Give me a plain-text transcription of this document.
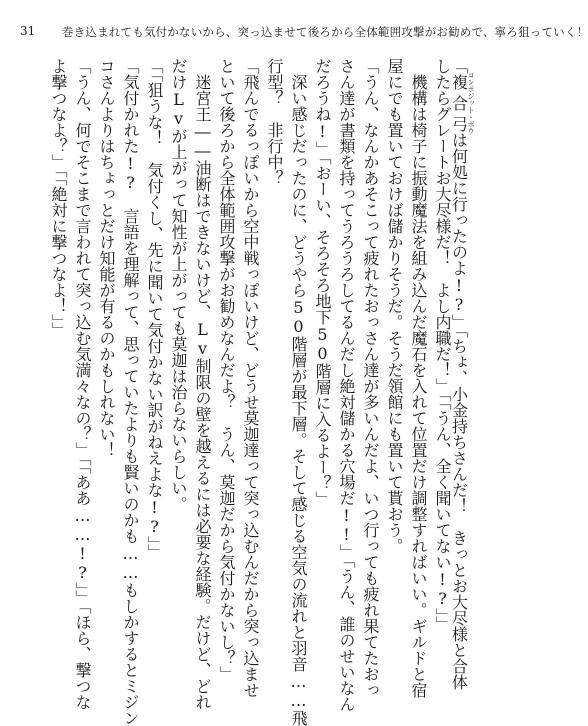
31 巻き込まれても気付かないから、突っ込ませて後ろから全体範囲攻撃がお勧めで、寧ろ狙っていく！
「複合弓コンポジット・ボウは何処に行ったのよ!?」「ちょ、小金持ちさんだ！　きっとお大尽様と合体
したらグレートお大尽様だ！　よし内職だ！」「「うん、全く聞いてない!?」」
　機構は椅子に振動魔法を組み込んだ魔石を入れて位置だけ調整すればいい。ギルドと宿
屋にでも置いておけば儲かりそうだ。そうだ領館にも置いて貰おう。
「うん、なんかあそこって疲れたおっさん達が多いんだよ、いつ行っても疲れ果てたおっ
さん達が書類を持ってうろうろしてるんだし絶対儲かる穴場だ!!」「うん、誰のせいなん
だろうね!」「おーい、そろそろ地下50階層に入るよー？」
　深い感じだったのに、どうやら50階層が最下層。そして感じる空気の流れと羽音……飛
行型？　非行中？
「飛んでるっぽいから空中戦っぽいけど、どうせ莫迦達って突っ込むんだから突っ込ませ
といて後ろから全体範囲攻撃がお勧めなんだよ？　うん、莫迦だから気付かないし？」
　迷宮王――油断はできないけど、Lv制限の壁を越えるには必要な経験。だけど、どれ
だけLvが上がって知性が上がっても莫迦は治らないらしい。
「「狙うな！　気付くし、先に聞いて気付かない訳がねえよな!?」」
「気付かれた!?　言語を理解って、思っていたよりも賢いのかも……もしかするとミジン
コさんよりはちょっとだけ知能が有るのかもしれない！
「うん、何でそこまで言われて突っ込む気満々なの？」「「ああ……!?」」「ほら、撃つな
よ撃つなよ？」「「絶対に撃つなよ！」」
